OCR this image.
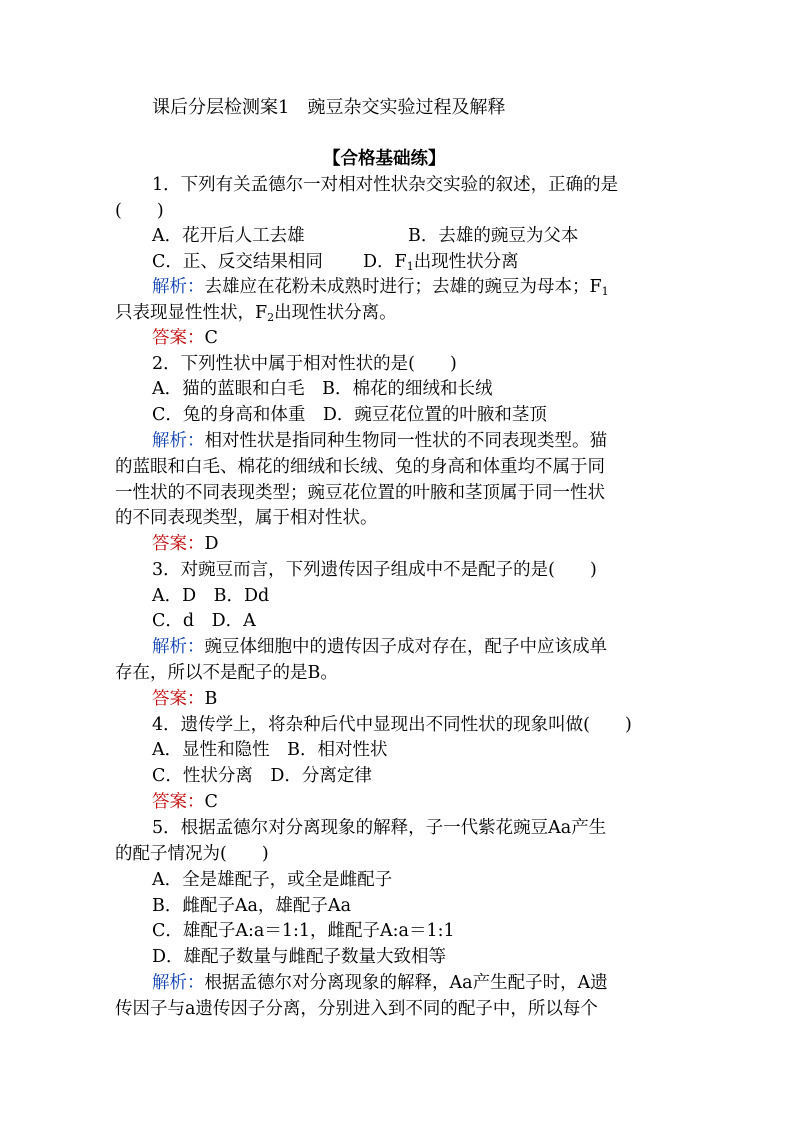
课后分层检测案1　豌豆杂交实验过程及解释
【合格基础练】
1．下列有关孟德尔一对相对性状杂交实验的叙述，正确的是
(　　)
A．花开后人工去雄	B．去雄的豌豆为父本
C．正、反交结果相同 D．$F_1$出现性状分离
解析：去雄应在花粉未成熟时进行；去雄的豌豆为母本；$F_1$
只表现显性性状，$F_2$出现性状分离。
答案：C
2．下列性状中属于相对性状的是(　　)
A．猫的蓝眼和白毛　B．棉花的细绒和长绒
C．兔的身高和体重　D．豌豆花位置的叶腋和茎顶
解析：相对性状是指同种生物同一性状的不同表现类型。猫
的蓝眼和白毛、棉花的细绒和长绒、兔的身高和体重均不属于同
一性状的不同表现类型；豌豆花位置的叶腋和茎顶属于同一性状
的不同表现类型，属于相对性状。
答案：D
3．对豌豆而言，下列遗传因子组成中不是配子的是(　　)
A．D　B．Dd
C．d　D．A
解析：豌豆体细胞中的遗传因子成对存在，配子中应该成单
存在，所以不是配子的是B。
答案：B
4．遗传学上，将杂种后代中显现出不同性状的现象叫做(　　)
A．显性和隐性　B．相对性状
C．性状分离　D．分离定律
答案：C
5．根据孟德尔对分离现象的解释，子一代紫花豌豆Aa产生
的配子情况为(　　)
A．全是雄配子，或全是雌配子
B．雌配子Aa，雄配子Aa
C．雄配子A:a＝1:1，雌配子A:a＝1:1
D．雄配子数量与雌配子数量大致相等
解析：根据孟德尔对分离现象的解释，Aa产生配子时，A遗
传因子与a遗传因子分离，分别进入到不同的配子中，所以每个
